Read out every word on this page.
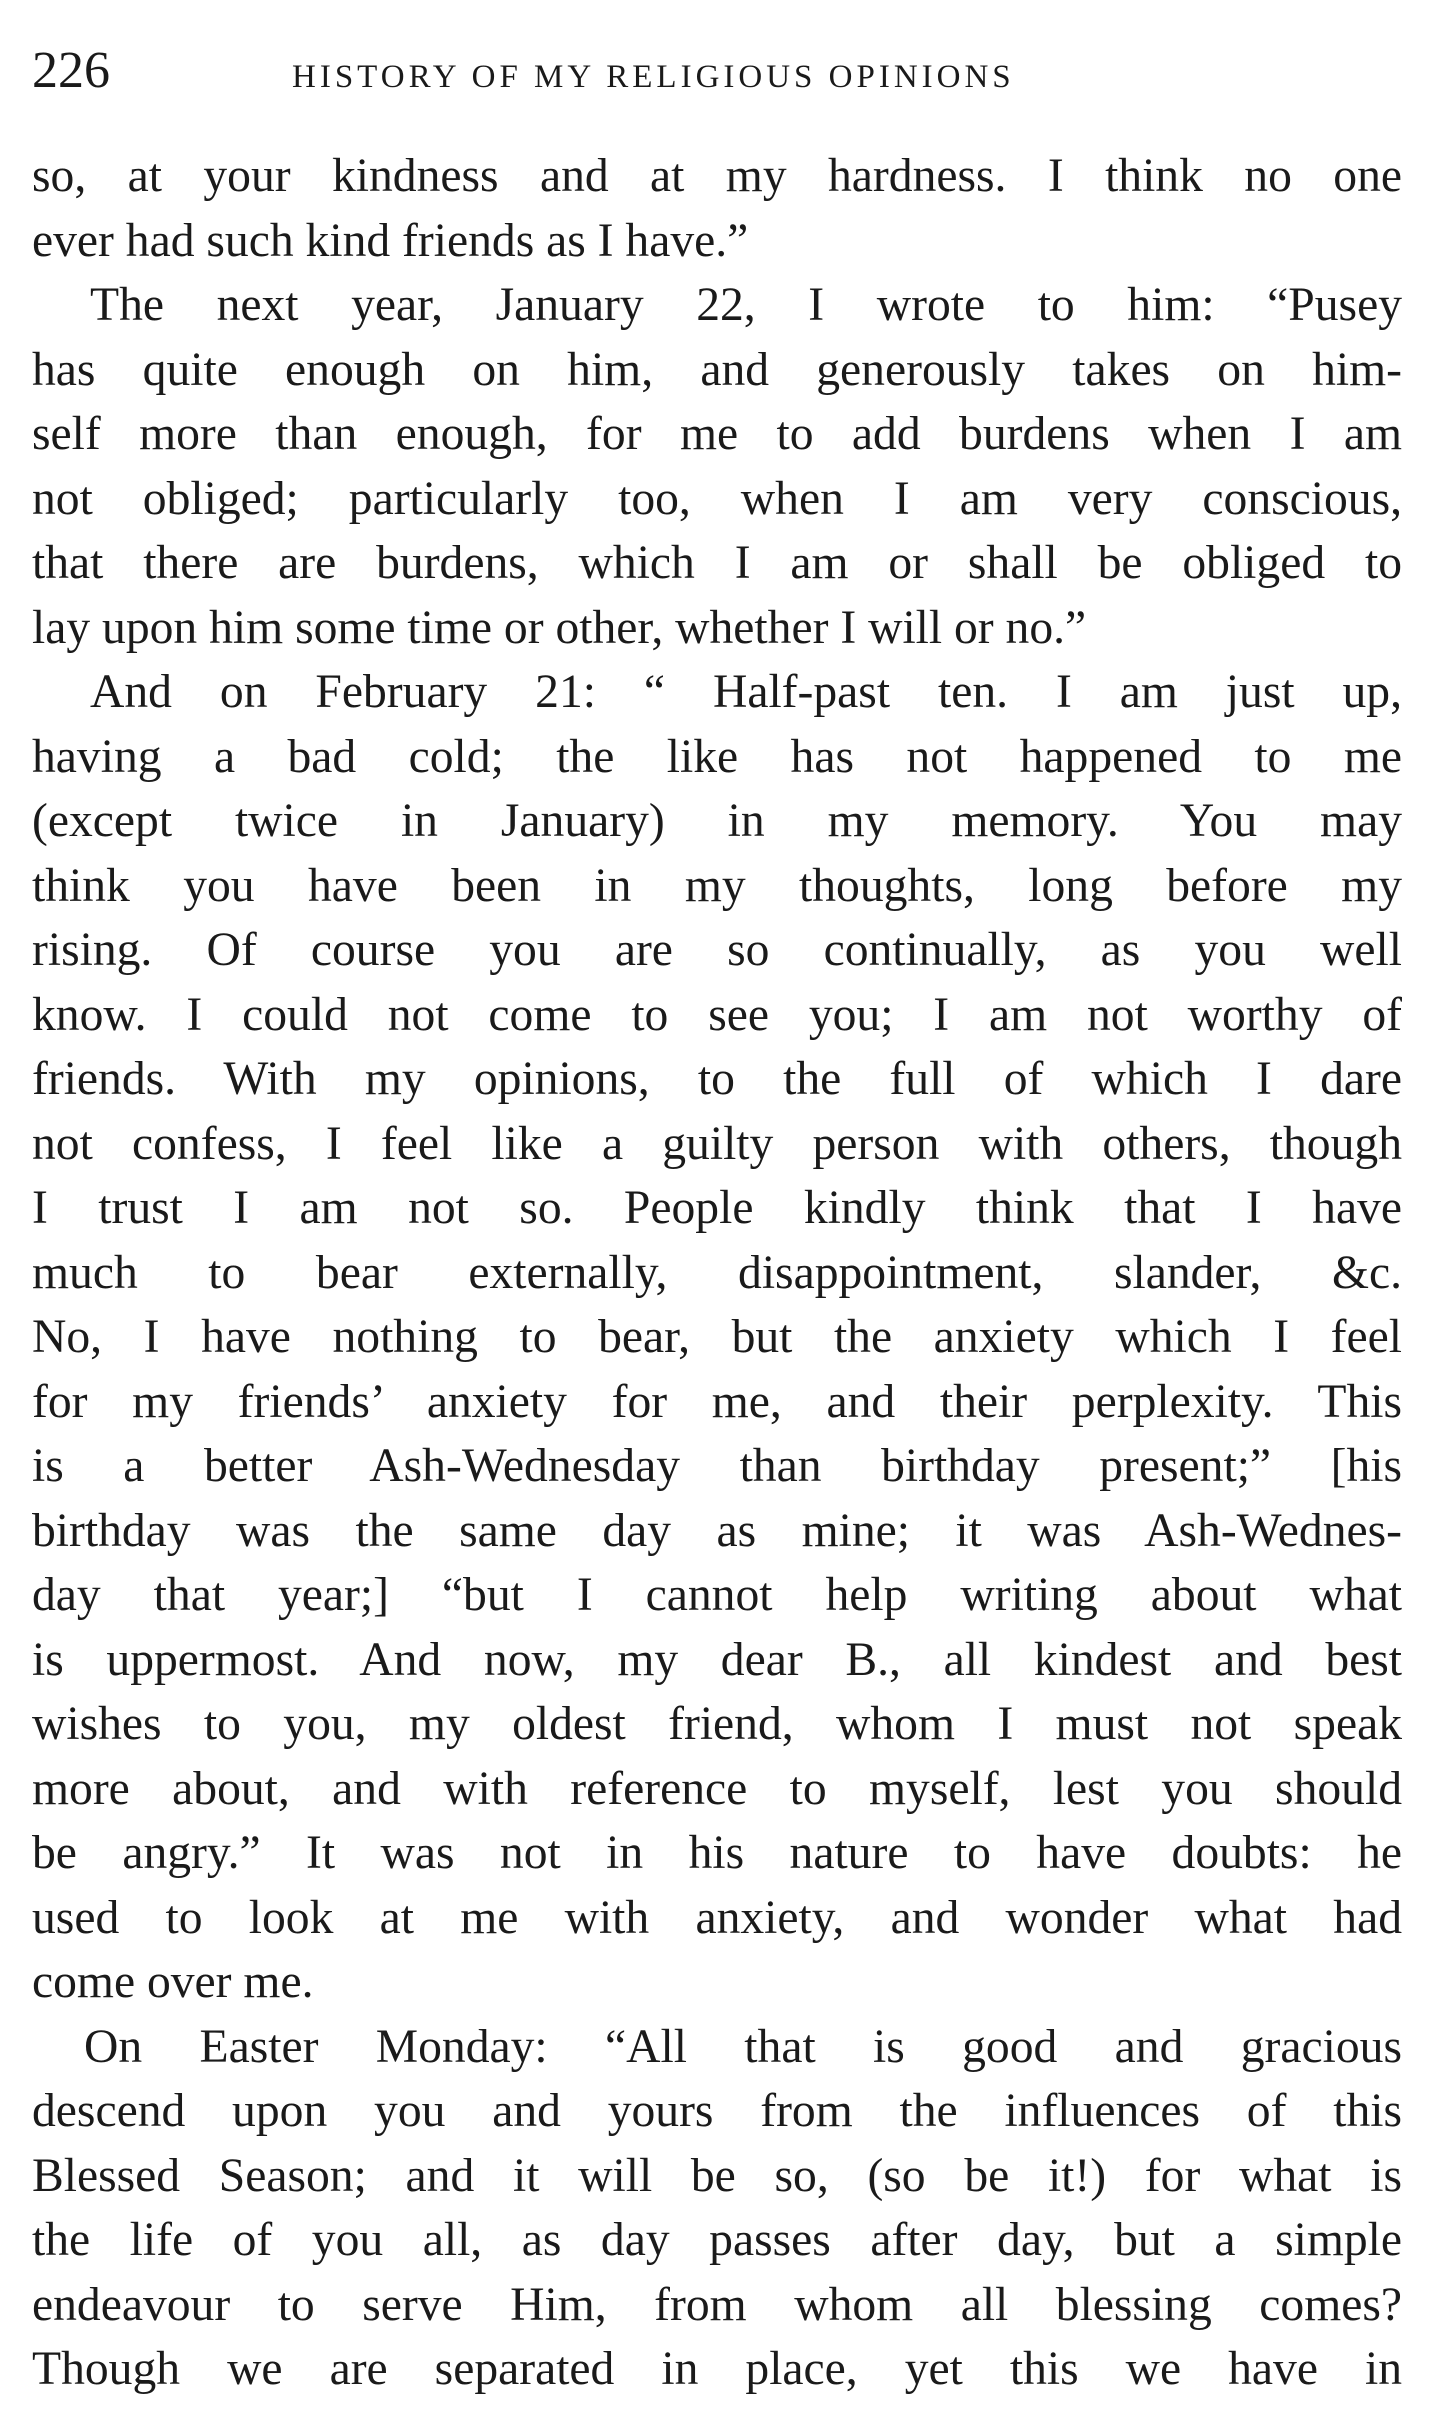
226	HISTORY OF MY RELIGIOUS OPINIONS
so, at your kindness and at my hardness. I think no one
ever had such kind friends as I have.”
The next year, January 22, I wrote to him: “Pusey
has quite enough on him, and generously takes on him-
self more than enough, for me to add burdens when I am
not obliged; particularly too, when I am very conscious,
that there are burdens, which I am or shall be obliged to
lay upon him some time or other, whether I will or no.”
And on February 21: “ Half-past ten. I am just up,
having a bad cold; the like has not happened to me
(except twice in January) in my memory. You may
think you have been in my thoughts, long before my
rising. Of course you are so continually, as you well
know. I could not come to see you; I am not worthy of
friends. With my opinions, to the full of which I dare
not confess, I feel like a guilty person with others, though
I trust I am not so. People kindly think that I have
much to bear externally, disappointment, slander, &c.
No, I have nothing to bear, but the anxiety which I feel
for my friends’ anxiety for me, and their perplexity. This
is a better Ash-Wednesday than birthday present;” [his
birthday was the same day as mine; it was Ash-Wednes-
day that year;] “but I cannot help writing about what
is uppermost. And now, my dear B., all kindest and best
wishes to you, my oldest friend, whom I must not speak
more about, and with reference to myself, lest you should
be angry.” It was not in his nature to have doubts: he
used to look at me with anxiety, and wonder what had
come over me.
On Easter Monday: “All that is good and gracious
descend upon you and yours from the influences of this
Blessed Season; and it will be so, (so be it!) for what is
the life of you all, as day passes after day, but a simple
endeavour to serve Him, from whom all blessing comes?
Though we are separated in place, yet this we have in
